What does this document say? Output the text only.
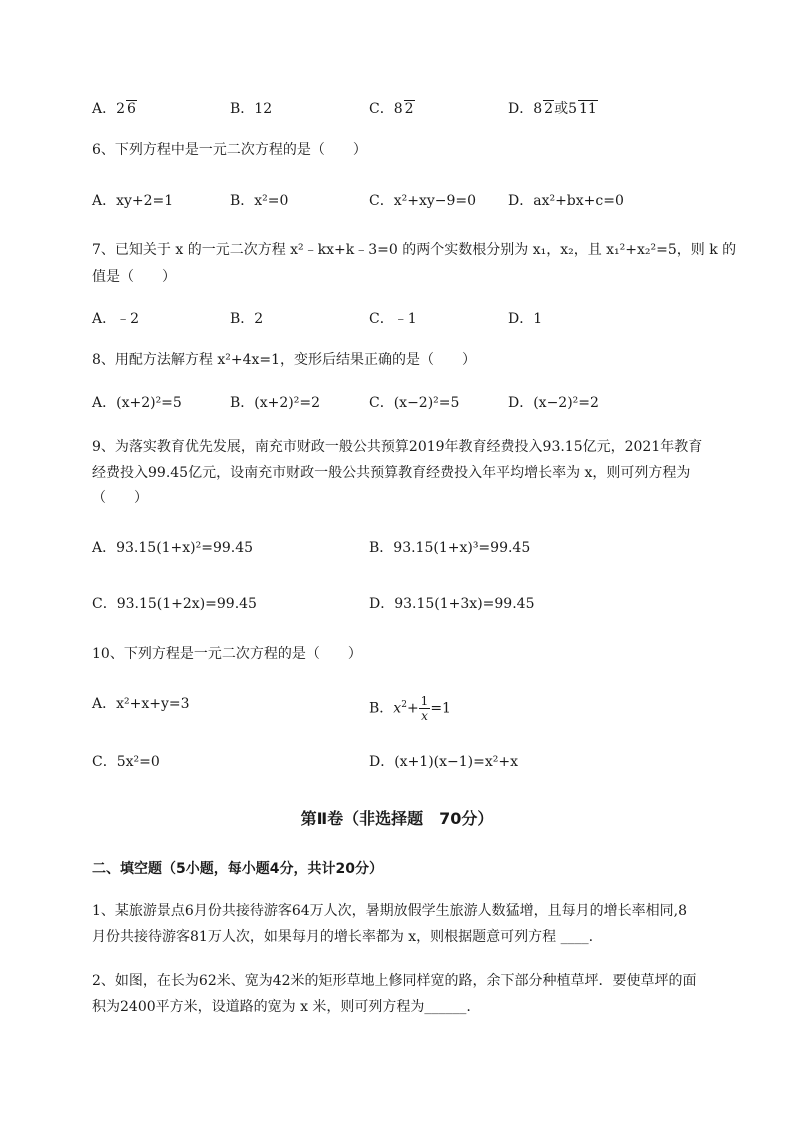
A．2 6	B．12	C．8 2	D．8 2或5 11
6、下列方程中是一元二次方程的是（　　）
A．xy+2=1	B．x²=0	C．x²+xy−9=0 D．ax²+bx+c=0
7、已知关于 x 的一元二次方程 x²﹣kx+k﹣3=0 的两个实数根分别为 x₁，x₂，且 x₁²+x₂²=5，则 k 的
值是（　　）
A．﹣2	B．2	C．﹣1	D．1
8、用配方法解方程 x²+4x=1，变形后结果正确的是（　　）
A．(x+2)²=5	B．(x+2)²=2	C．(x−2)²=5	D．(x−2)²=2
9、为落实教育优先发展，南充市财政一般公共预算2019年教育经费投入93.15亿元，2021年教育
经费投入99.45亿元，设南充市财政一般公共预算教育经费投入年平均增长率为 x，则可列方程为
（　　）
A．93.15(1+x)²=99.45	B．93.15(1+x)³=99.45
C．93.15(1+2x)=99.45	D．93.15(1+3x)=99.45
10、下列方程是一元二次方程的是（　　）
A．x²+x+y=3	B．$x^2+ \frac{1}{x} =1$
C．5x²=0	D．(x+1)(x−1)=x²+x
第Ⅱ卷（非选择题　70分）
二、填空题（5小题，每小题4分，共计20分）
1、某旅游景点6月份共接待游客64万人次，暑期放假学生旅游人数猛增，且每月的增长率相同,8
月份共接待游客81万人次，如果每月的增长率都为 x，则根据题意可列方程 ____.
2、如图，在长为62米、宽为42米的矩形草地上修同样宽的路，余下部分种植草坪．要使草坪的面
积为2400平方米，设道路的宽为 x 米，则可列方程为______.
